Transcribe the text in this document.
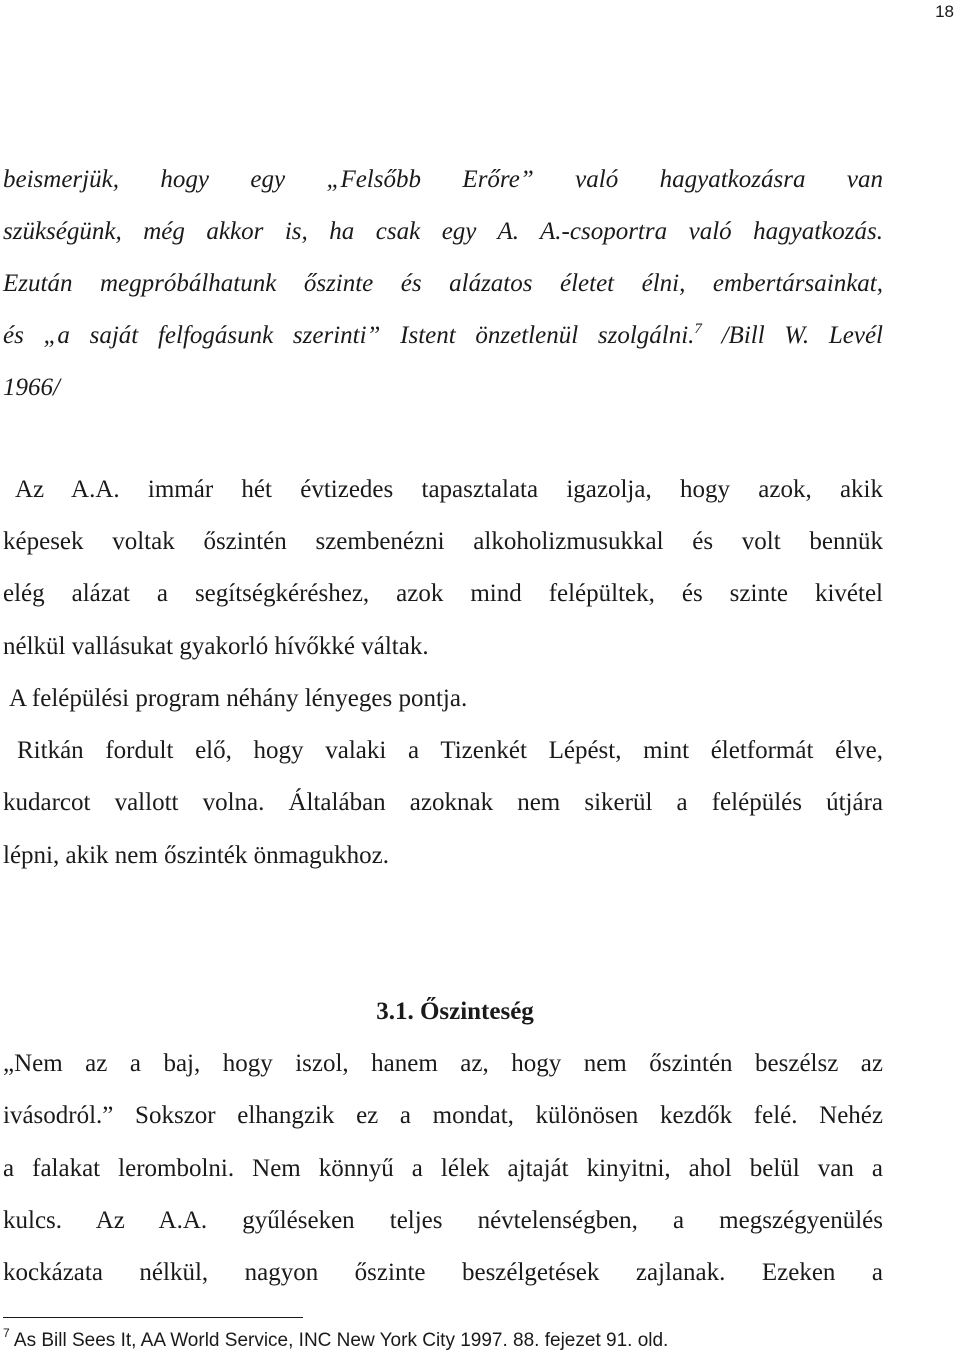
18
beismerjük, hogy egy „Felsőbb Erőre” való hagyatkozásra van
szükségünk, még akkor is, ha csak egy A. A.-csoportra való hagyatkozás.
Ezután megpróbálhatunk őszinte és alázatos életet élni, embertársainkat,
és „a saját felfogásunk szerinti” Istent önzetlenül szolgálni.$^7$ /Bill W. Levél
1966/
Az A.A. immár hét évtizedes tapasztalata igazolja, hogy azok, akik
képesek voltak őszintén szembenézni alkoholizmusukkal és volt bennük
elég alázat a segítségkéréshez, azok mind felépültek, és szinte kivétel
nélkül vallásukat gyakorló hívőkké váltak.
A felépülési program néhány lényeges pontja.
Ritkán fordult elő, hogy valaki a Tizenkét Lépést, mint életformát élve,
kudarcot vallott volna. Általában azoknak nem sikerül a felépülés útjára
lépni, akik nem őszinték önmagukhoz.
3.1. Őszinteség
„Nem az a baj, hogy iszol, hanem az, hogy nem őszintén beszélsz az
ivásodról.” Sokszor elhangzik ez a mondat, különösen kezdők felé. Nehéz
a falakat lerombolni. Nem könnyű a lélek ajtaját kinyitni, ahol belül van a
kulcs. Az A.A. gyűléseken teljes névtelenségben, a megszégyenülés
kockázata nélkül, nagyon őszinte beszélgetések zajlanak. Ezeken a
$^7$ As Bill Sees It, AA World Service, INC New York City 1997. 88. fejezet 91. old.
